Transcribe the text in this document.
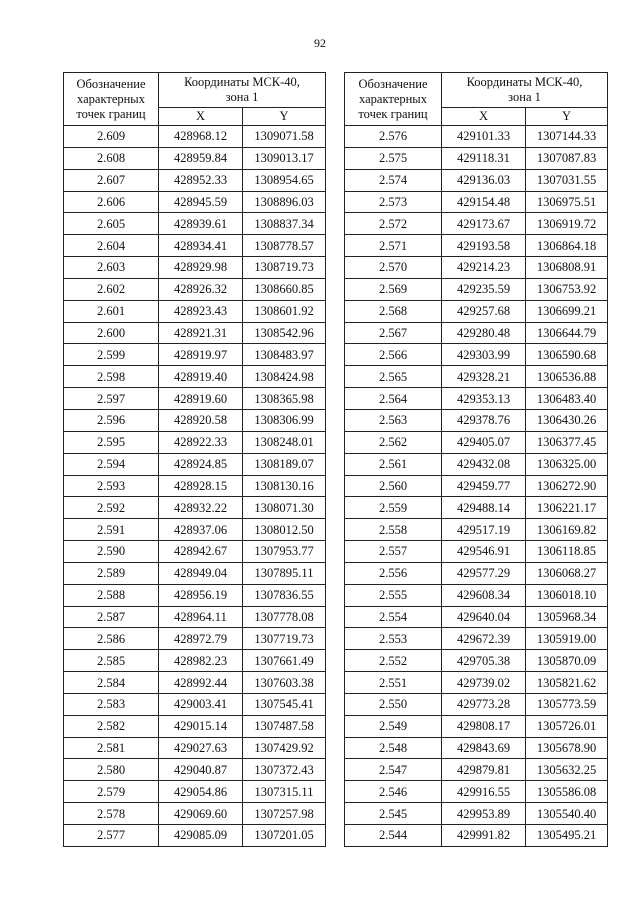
92
Обозначение
характерных
точек границ	Координаты МСК-40,
зона 1	
	X	Y
2.609	428968.12	1309071.58
2.608	428959.84	1309013.17
2.607	428952.33	1308954.65
2.606	428945.59	1308896.03
2.605	428939.61	1308837.34
2.604	428934.41	1308778.57
2.603	428929.98	1308719.73
2.602	428926.32	1308660.85
2.601	428923.43	1308601.92
2.600	428921.31	1308542.96
2.599	428919.97	1308483.97
2.598	428919.40	1308424.98
2.597	428919.60	1308365.98
2.596	428920.58	1308306.99
2.595	428922.33	1308248.01
2.594	428924.85	1308189.07
2.593	428928.15	1308130.16
2.592	428932.22	1308071.30
2.591	428937.06	1308012.50
2.590	428942.67	1307953.77
2.589	428949.04	1307895.11
2.588	428956.19	1307836.55
2.587	428964.11	1307778.08
2.586	428972.79	1307719.73
2.585	428982.23	1307661.49
2.584	428992.44	1307603.38
2.583	429003.41	1307545.41
2.582	429015.14	1307487.58
2.581	429027.63	1307429.92
2.580	429040.87	1307372.43
2.579	429054.86	1307315.11
2.578	429069.60	1307257.98
2.577	429085.09	1307201.05
Обозначение
характерных
точек границ	Координаты МСК-40,
зона 1	
	X	Y
2.576	429101.33	1307144.33
2.575	429118.31	1307087.83
2.574	429136.03	1307031.55
2.573	429154.48	1306975.51
2.572	429173.67	1306919.72
2.571	429193.58	1306864.18
2.570	429214.23	1306808.91
2.569	429235.59	1306753.92
2.568	429257.68	1306699.21
2.567	429280.48	1306644.79
2.566	429303.99	1306590.68
2.565	429328.21	1306536.88
2.564	429353.13	1306483.40
2.563	429378.76	1306430.26
2.562	429405.07	1306377.45
2.561	429432.08	1306325.00
2.560	429459.77	1306272.90
2.559	429488.14	1306221.17
2.558	429517.19	1306169.82
2.557	429546.91	1306118.85
2.556	429577.29	1306068.27
2.555	429608.34	1306018.10
2.554	429640.04	1305968.34
2.553	429672.39	1305919.00
2.552	429705.38	1305870.09
2.551	429739.02	1305821.62
2.550	429773.28	1305773.59
2.549	429808.17	1305726.01
2.548	429843.69	1305678.90
2.547	429879.81	1305632.25
2.546	429916.55	1305586.08
2.545	429953.89	1305540.40
2.544	429991.82	1305495.21
